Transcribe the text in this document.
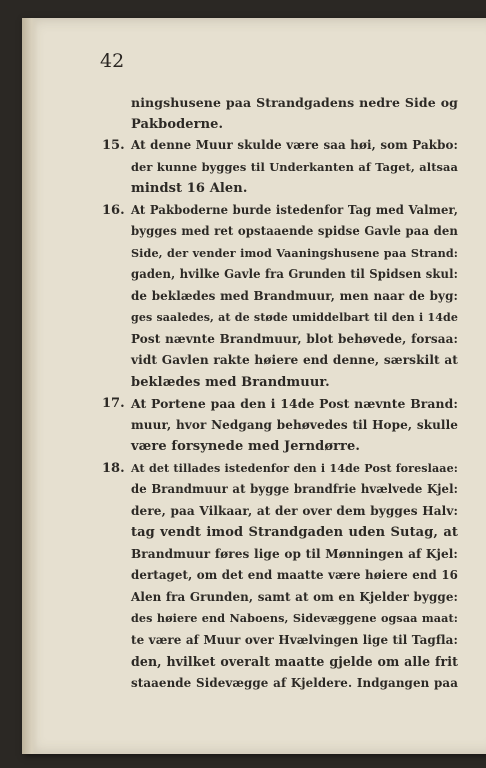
42
ningshusene paa Strandgadens nedre Side og
Pakboderne.
15. At denne Muur skulde være saa høi, som Pakbo:
der kunne bygges til Underkanten af Taget, altsaa
mindst 16 Alen.
16. At Pakboderne burde istedenfor Tag med Valmer,
bygges med ret opstaaende spidse Gavle paa den
Side, der vender imod Vaaningshusene paa Strand:
gaden, hvilke Gavle fra Grunden til Spidsen skul:
de beklædes med Brandmuur, men naar de byg:
ges saaledes, at de støde umiddelbart til den i 14de
Post nævnte Brandmuur, blot behøvede, forsaa:
vidt Gavlen rakte høiere end denne, særskilt at
beklædes med Brandmuur.
17. At Portene paa den i 14de Post nævnte Brand:
muur, hvor Nedgang behøvedes til Hope, skulle
være forsynede med Jerndørre.
18. At det tillades istedenfor den i 14de Post foreslaae:
de Brandmuur at bygge brandfrie hvælvede Kjel:
dere, paa Vilkaar, at der over dem bygges Halv:
tag vendt imod Strandgaden uden Sutag, at
Brandmuur føres lige op til Mønningen af Kjel:
dertaget, om det end maatte være høiere end 16
Alen fra Grunden, samt at om en Kjelder bygge:
des høiere end Naboens, Sidevæggene ogsaa maat:
te være af Muur over Hvælvingen lige til Tagfla:
den, hvilket overalt maatte gjelde om alle frit
staaende Sidevægge af Kjeldere. Indgangen paa
